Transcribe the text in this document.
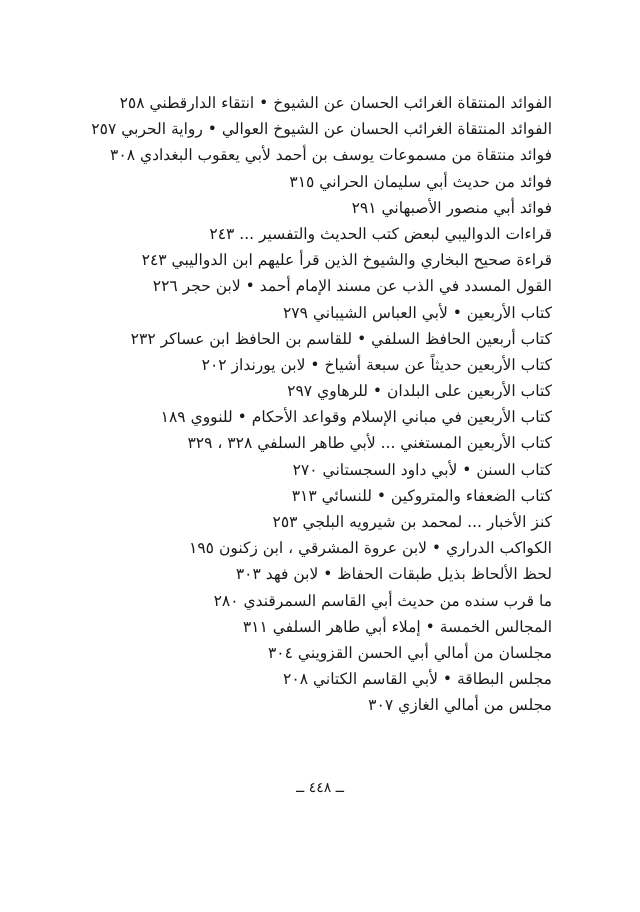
الفوائد المنتقاة الغرائب الحسان عن الشيوخ • انتقاء الدارقطني ٢٥٨
الفوائد المنتقاة الغرائب الحسان عن الشيوخ العوالي • رواية الحربي ٢٥٧
فوائد منتقاة من مسموعات يوسف بن أحمد لأبي يعقوب البغدادي ٣٠٨
فوائد من حديث أبي سليمان الحراني ٣١٥
فوائد أبي منصور الأصبهاني ٢٩١
قراءات الدواليبي لبعض كتب الحديث والتفسير ... ٢٤٣
قراءة صحيح البخاري والشيوخ الذين قرأ عليهم ابن الدواليبي ٢٤٣
القول المسدد في الذب عن مسند الإمام أحمد • لابن حجر ٢٢٦
كتاب الأربعين • لأبي العباس الشيباني ٢٧٩
كتاب أربعين الحافظ السلفي • للقاسم بن الحافظ ابن عساكر ٢٣٢
كتاب الأربعين حديثاً عن سبعة أشياخ • لابن يورنداز ٢٠٢
كتاب الأربعين على البلدان • للرهاوي ٢٩٧
كتاب الأربعين في مباني الإسلام وقواعد الأحكام • للنووي ١٨٩
كتاب الأربعين المستغني ... لأبي طاهر السلفي ٣٢٨ ، ٣٢٩
كتاب السنن • لأبي داود السجستاني ٢٧٠
كتاب الضعفاء والمتروكين • للنسائي ٣١٣
كنز الأخبار ... لمحمد بن شيرويه البلجي ٢٥٣
الكواكب الدراري • لابن عروة المشرقي ، ابن زكنون ١٩٥
لحظ الألحاظ بذيل طبقات الحفاظ • لابن فهد ٣٠٣
ما قرب سنده من حديث أبي القاسم السمرقندي ٢٨٠
المجالس الخمسة • إملاء أبي طاهر السلفي ٣١١
مجلسان من أمالي أبي الحسن القزويني ٣٠٤
مجلس البطاقة • لأبي القاسم الكتاني ٢٠٨
مجلس من أمالي الغازي ٣٠٧
ــ ٤٤٨ ــ
